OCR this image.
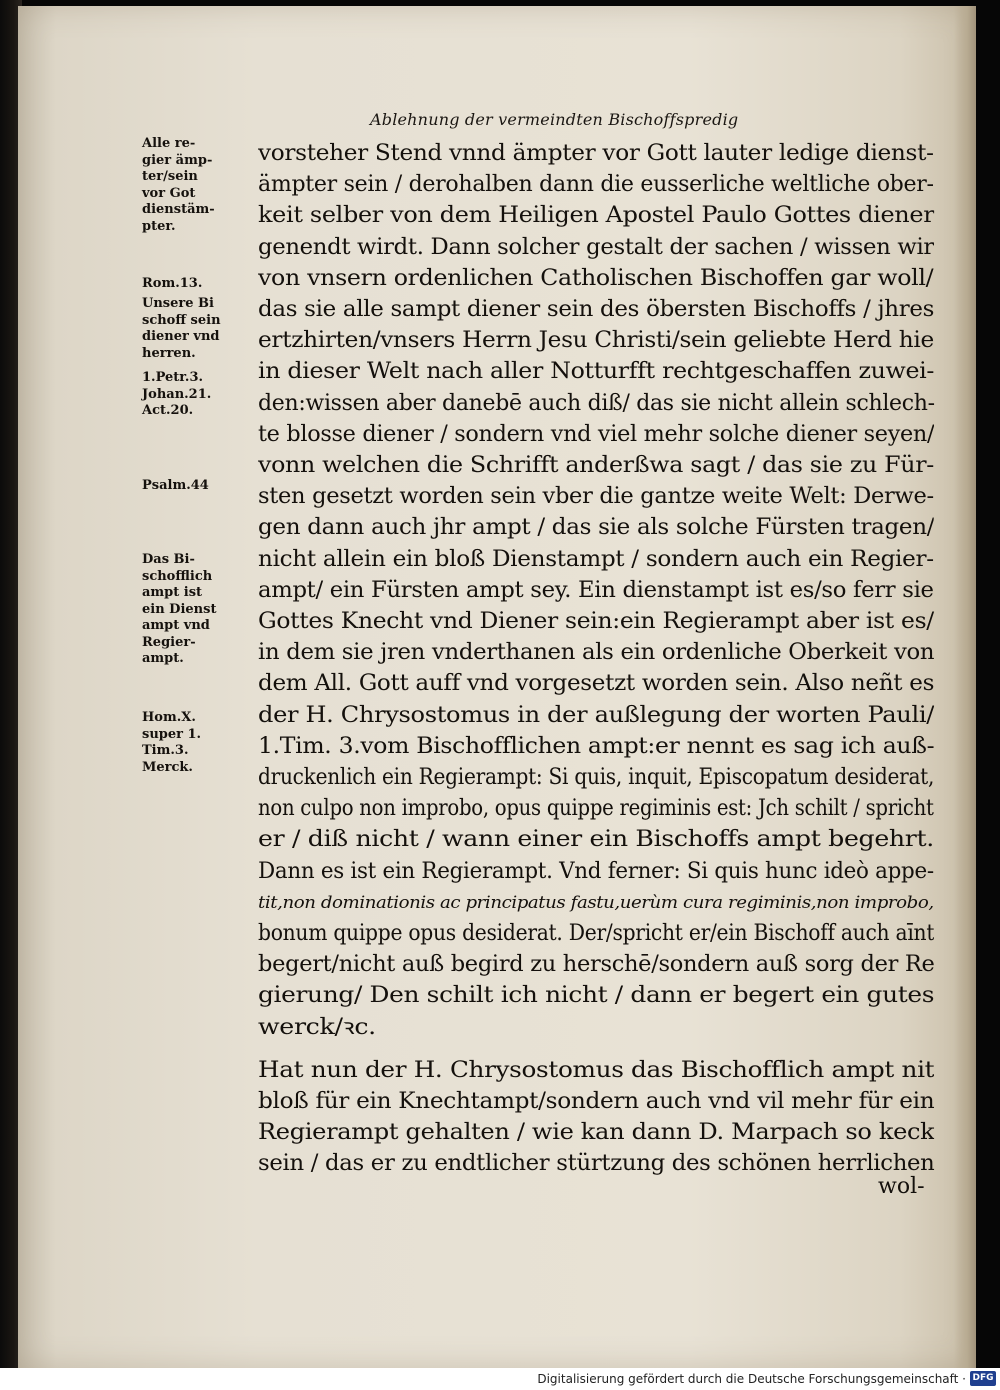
Ablehnung der vermeindten Bischoffspredig
Alle re-
gier ämp-
ter/sein
vor Got
dienstäm-
pter.
Rom.13.
Unsere Bi
schoff sein
diener vnd
herren.
1.Petr.3.
Johan.21.
Act.20.
Psalm.44
Das Bi-
schofflich
ampt ist
ein Dienst
ampt vnd
Regier-
ampt.
Hom.X.
super 1.
Tim.3.
Merck.
vorsteher Stend vnnd ämpter vor Gott lauter ledige dienst-
ämpter sein / derohalben dann die eusserliche weltliche ober-
keit selber von dem Heiligen Apostel Paulo Gottes diener
genendt wirdt. Dann solcher gestalt der sachen / wissen wir
von vnsern ordenlichen Catholischen Bischoffen gar woll/
das sie alle sampt diener sein des öbersten Bischoffs / jhres
ertzhirten/vnsers Herrn Jesu Christi/sein geliebte Herd hie
in dieser Welt nach aller Notturfft rechtgeschaffen zuwei-
den:wissen aber danebē auch diß/ das sie nicht allein schlech-
te blosse diener / sondern vnd viel mehr solche diener seyen/
vonn welchen die Schrifft anderßwa sagt / das sie zu Für-
sten gesetzt worden sein vber die gantze weite Welt: Derwe-
gen dann auch jhr ampt / das sie als solche Fürsten tragen/
nicht allein ein bloß Dienstampt / sondern auch ein Regier-
ampt/ ein Fürsten ampt sey. Ein dienstampt ist es/so ferr sie
Gottes Knecht vnd Diener sein:ein Regierampt aber ist es/
in dem sie jren vnderthanen als ein ordenliche Oberkeit von
dem All. Gott auff vnd vorgesetzt worden sein. Also neñt es
der H. Chrysostomus in der außlegung der worten Pauli/
1.Tim. 3.vom Bischofflichen ampt:er nennt es sag ich auß-
druckenlich ein Regierampt: Si quis, inquit, Episcopatum desiderat,
non culpo non improbo, opus quippe regiminis est: Jch schilt / spricht
er / diß nicht / wann einer ein Bischoffs ampt begehrt.
Dann es ist ein Regierampt. Vnd ferner: Si quis hunc ideò appe-
tit,non dominationis ac principatus fastu,uerùm cura regiminis,non improbo,
bonum quippe opus desiderat. Der/spricht er/ein Bischoff auch aīnt
begert/nicht auß begird zu herschē/sondern auß sorg der Re
gierung/ Den schilt ich nicht / dann er begert ein gutes
werck/ꝛc.
Hat nun der H. Chrysostomus das Bischofflich ampt nit
bloß für ein Knechtampt/sondern auch vnd vil mehr für ein
Regierampt gehalten / wie kan dann D. Marpach so keck
sein / das er zu endtlicher stürtzung des schönen herrlichen
wol-
Digitalisierung gefördert durch die Deutsche Forschungsgemeinschaft · DFG
